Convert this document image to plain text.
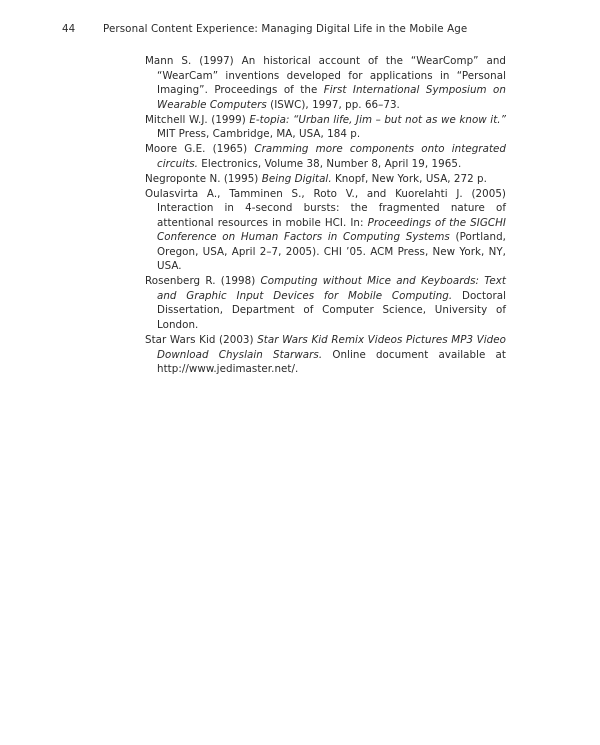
44	Personal Content Experience: Managing Digital Life in the Mobile Age

Mann S. (1997) An historical account of the “WearComp” and “WearCam” inventions developed for applications in “Personal Imaging”. Proceedings of the First International Symposium on Wearable Computers (ISWC), 1997, pp. 66–73.

Mitchell W.J. (1999) E-topia: “Urban life, Jim – but not as we know it.” MIT Press, Cambridge, MA, USA, 184 p.

Moore G.E. (1965) Cramming more components onto integrated circuits. Electronics, Volume 38, Number 8, April 19, 1965.

Negroponte N. (1995) Being Digital. Knopf, New York, USA, 272 p.

Oulasvirta A., Tamminen S., Roto V., and Kuorelahti J. (2005) Interaction in 4-second bursts: the fragmented nature of attentional resources in mobile HCI. In: Proceedings of the SIGCHI Conference on Human Factors in Computing Systems (Portland, Oregon, USA, April 2–7, 2005). CHI ’05. ACM Press, New York, NY, USA.

Rosenberg R. (1998) Computing without Mice and Keyboards: Text and Graphic Input Devices for Mobile Computing. Doctoral Dissertation, Department of Computer Science, University of London.

Star Wars Kid (2003) Star Wars Kid Remix Videos Pictures MP3 Video Download Chyslain Starwars. Online document available at http://www.jedimaster.net/.
